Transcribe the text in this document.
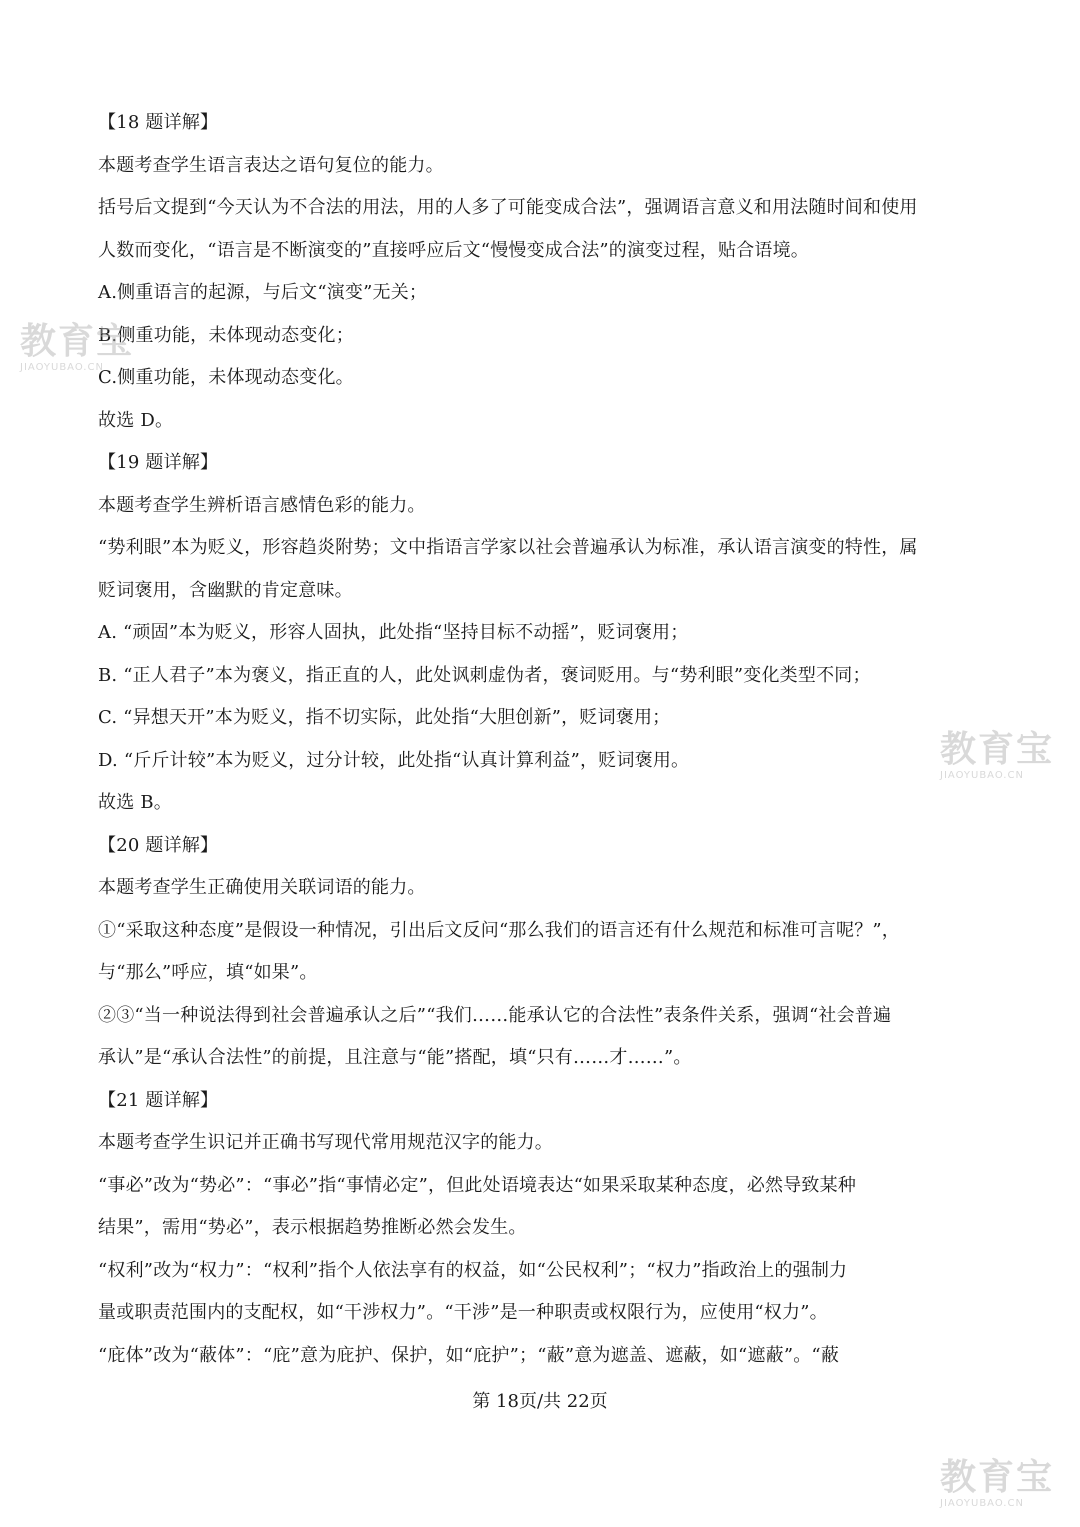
【18 题详解】
本题考查学生语言表达之语句复位的能力。
括号后文提到“今天认为不合法的用法，用的人多了可能变成合法”，强调语言意义和用法随时间和使用
人数而变化，“语言是不断演变的”直接呼应后文“慢慢变成合法”的演变过程，贴合语境。
A.侧重语言的起源，与后文“演变”无关；
B.侧重功能，未体现动态变化；
C.侧重功能，未体现动态变化。
故选 D。
【19 题详解】
本题考查学生辨析语言感情色彩的能力。
“势利眼”本为贬义，形容趋炎附势；文中指语言学家以社会普遍承认为标准，承认语言演变的特性，属
贬词褒用，含幽默的肯定意味。
A. “顽固”本为贬义，形容人固执，此处指“坚持目标不动摇”，贬词褒用；
B. “正人君子”本为褒义，指正直的人，此处讽刺虚伪者，褒词贬用。与“势利眼”变化类型不同；
C. “异想天开”本为贬义，指不切实际，此处指“大胆创新”，贬词褒用；
D. “斤斤计较”本为贬义，过分计较，此处指“认真计算利益”，贬词褒用。
故选 B。
【20 题详解】
本题考查学生正确使用关联词语的能力。
①“采取这种态度”是假设一种情况，引出后文反问“那么我们的语言还有什么规范和标准可言呢？”，
与“那么”呼应，填“如果”。
②③“当一种说法得到社会普遍承认之后”“我们……能承认它的合法性”表条件关系，强调“社会普遍
承认”是“承认合法性”的前提，且注意与“能”搭配，填“只有……才……”。
【21 题详解】
本题考查学生识记并正确书写现代常用规范汉字的能力。
“事必”改为“势必”：“事必”指“事情必定”，但此处语境表达“如果采取某种态度，必然导致某种
结果”，需用“势必”，表示根据趋势推断必然会发生。
“权利”改为“权力”：“权利”指个人依法享有的权益，如“公民权利”；“权力”指政治上的强制力
量或职责范围内的支配权，如“干涉权力”。“干涉”是一种职责或权限行为，应使用“权力”。
“庇体”改为“蔽体”：“庇”意为庇护、保护，如“庇护”；“蔽”意为遮盖、遮蔽，如“遮蔽”。“蔽
第 18页/共 22页
教育宝
JIAOYUBAO.CN
教育宝
JIAOYUBAO.CN
教育宝
JIAOYUBAO.CN
